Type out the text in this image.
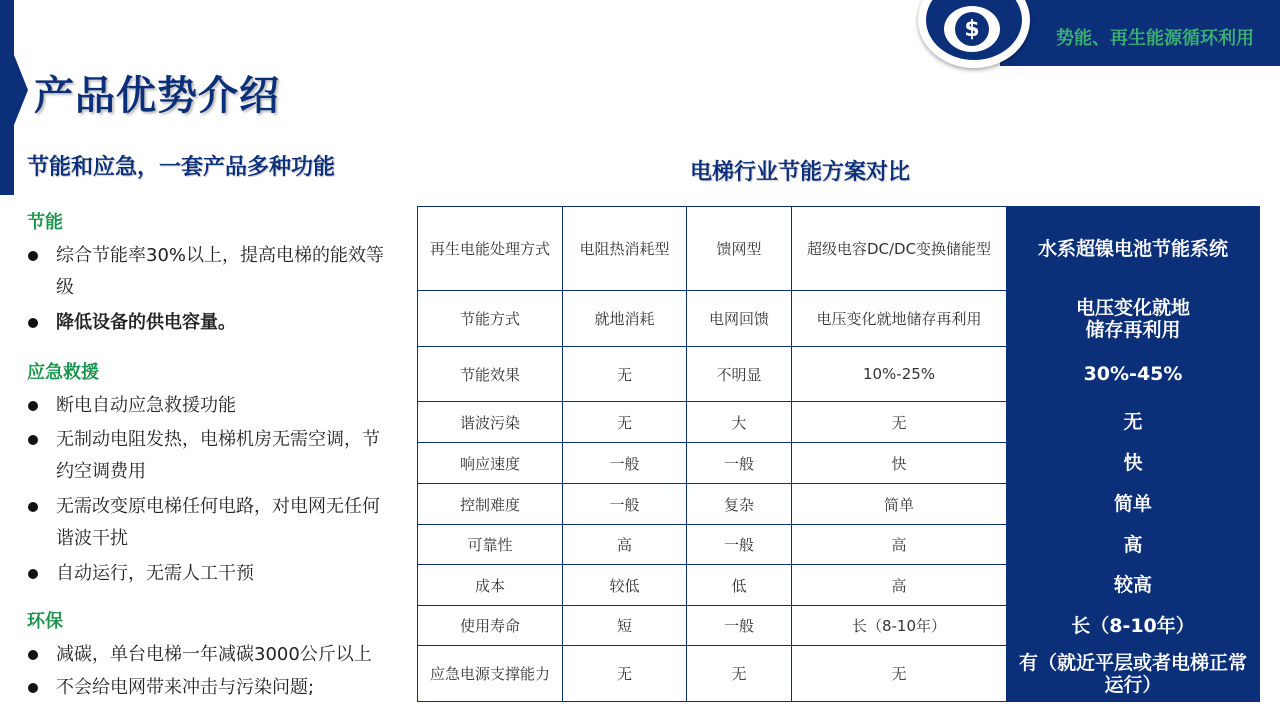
$	势能、再生能源循环利用
产品优势介绍
节能和应急，一套产品多种功能
节能
综合节能率30%以上，提高电梯的能效等级
降低设备的供电容量。
应急救援
断电自动应急救援功能
无制动电阻发热，电梯机房无需空调，节约空调费用
无需改变原电梯任何电路，对电网无任何谐波干扰
自动运行，无需人工干预
环保
减碳，单台电梯一年减碳3000公斤以上
不会给电网带来冲击与污染问题;
电梯行业节能方案对比
再生电能处理方式	电阻热消耗型	馈网型	超级电容DC/DC变换储能型	水系超镍电池节能系统
节能方式	就地消耗	电网回馈	电压变化就地储存再利用	电压变化就地储存再利用
节能效果	无	不明显	10%-25%	30%-45%
谐波污染	无	大	无	无
响应速度	一般	一般	快	快
控制难度	一般	复杂	简单	简单
可靠性	高	一般	高	高
成本	较低	低	高	较高
使用寿命	短	一般	长（8-10年）	长（8-10年）
应急电源支撑能力	无	无	无	有（就近平层或者电梯正常运行）
